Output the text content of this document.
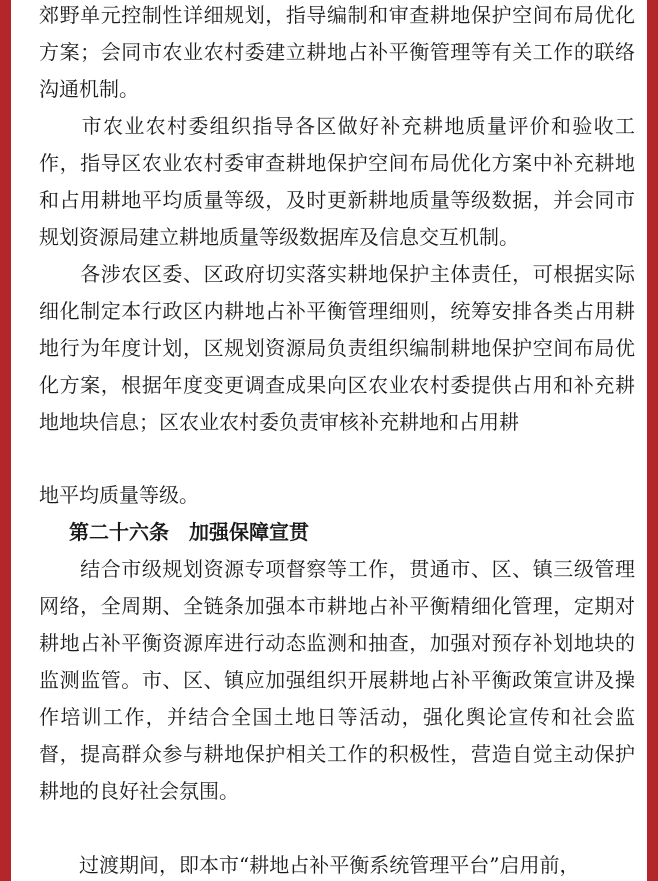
郊野单元控制性详细规划，指导编制和审查耕地保护空间布局优化方案；会同市农业农村委建立耕地占补平衡管理等有关工作的联络沟通机制。
　　市农业农村委组织指导各区做好补充耕地质量评价和验收工作，指导区农业农村委审查耕地保护空间布局优化方案中补充耕地和占用耕地平均质量等级，及时更新耕地质量等级数据，并会同市规划资源局建立耕地质量等级数据库及信息交互机制。
　　各涉农区委、区政府切实落实耕地保护主体责任，可根据实际细化制定本行政区内耕地占补平衡管理细则，统筹安排各类占用耕地行为年度计划，区规划资源局负责组织编制耕地保护空间布局优化方案，根据年度变更调查成果向区农业农村委提供占用和补充耕地地块信息；区农业农村委负责审核补充耕地和占用耕
地平均质量等级。
第二十六条　加强保障宣贯
　　结合市级规划资源专项督察等工作，贯通市、区、镇三级管理网络，全周期、全链条加强本市耕地占补平衡精细化管理，定期对耕地占补平衡资源库进行动态监测和抽查，加强对预存补划地块的监测监管。市、区、镇应加强组织开展耕地占补平衡政策宣讲及操作培训工作，并结合全国土地日等活动，强化舆论宣传和社会监督，提高群众参与耕地保护相关工作的积极性，营造自觉主动保护耕地的良好社会氛围。
　　过渡期间，即本市“耕地占补平衡系统管理平台”启用前，
